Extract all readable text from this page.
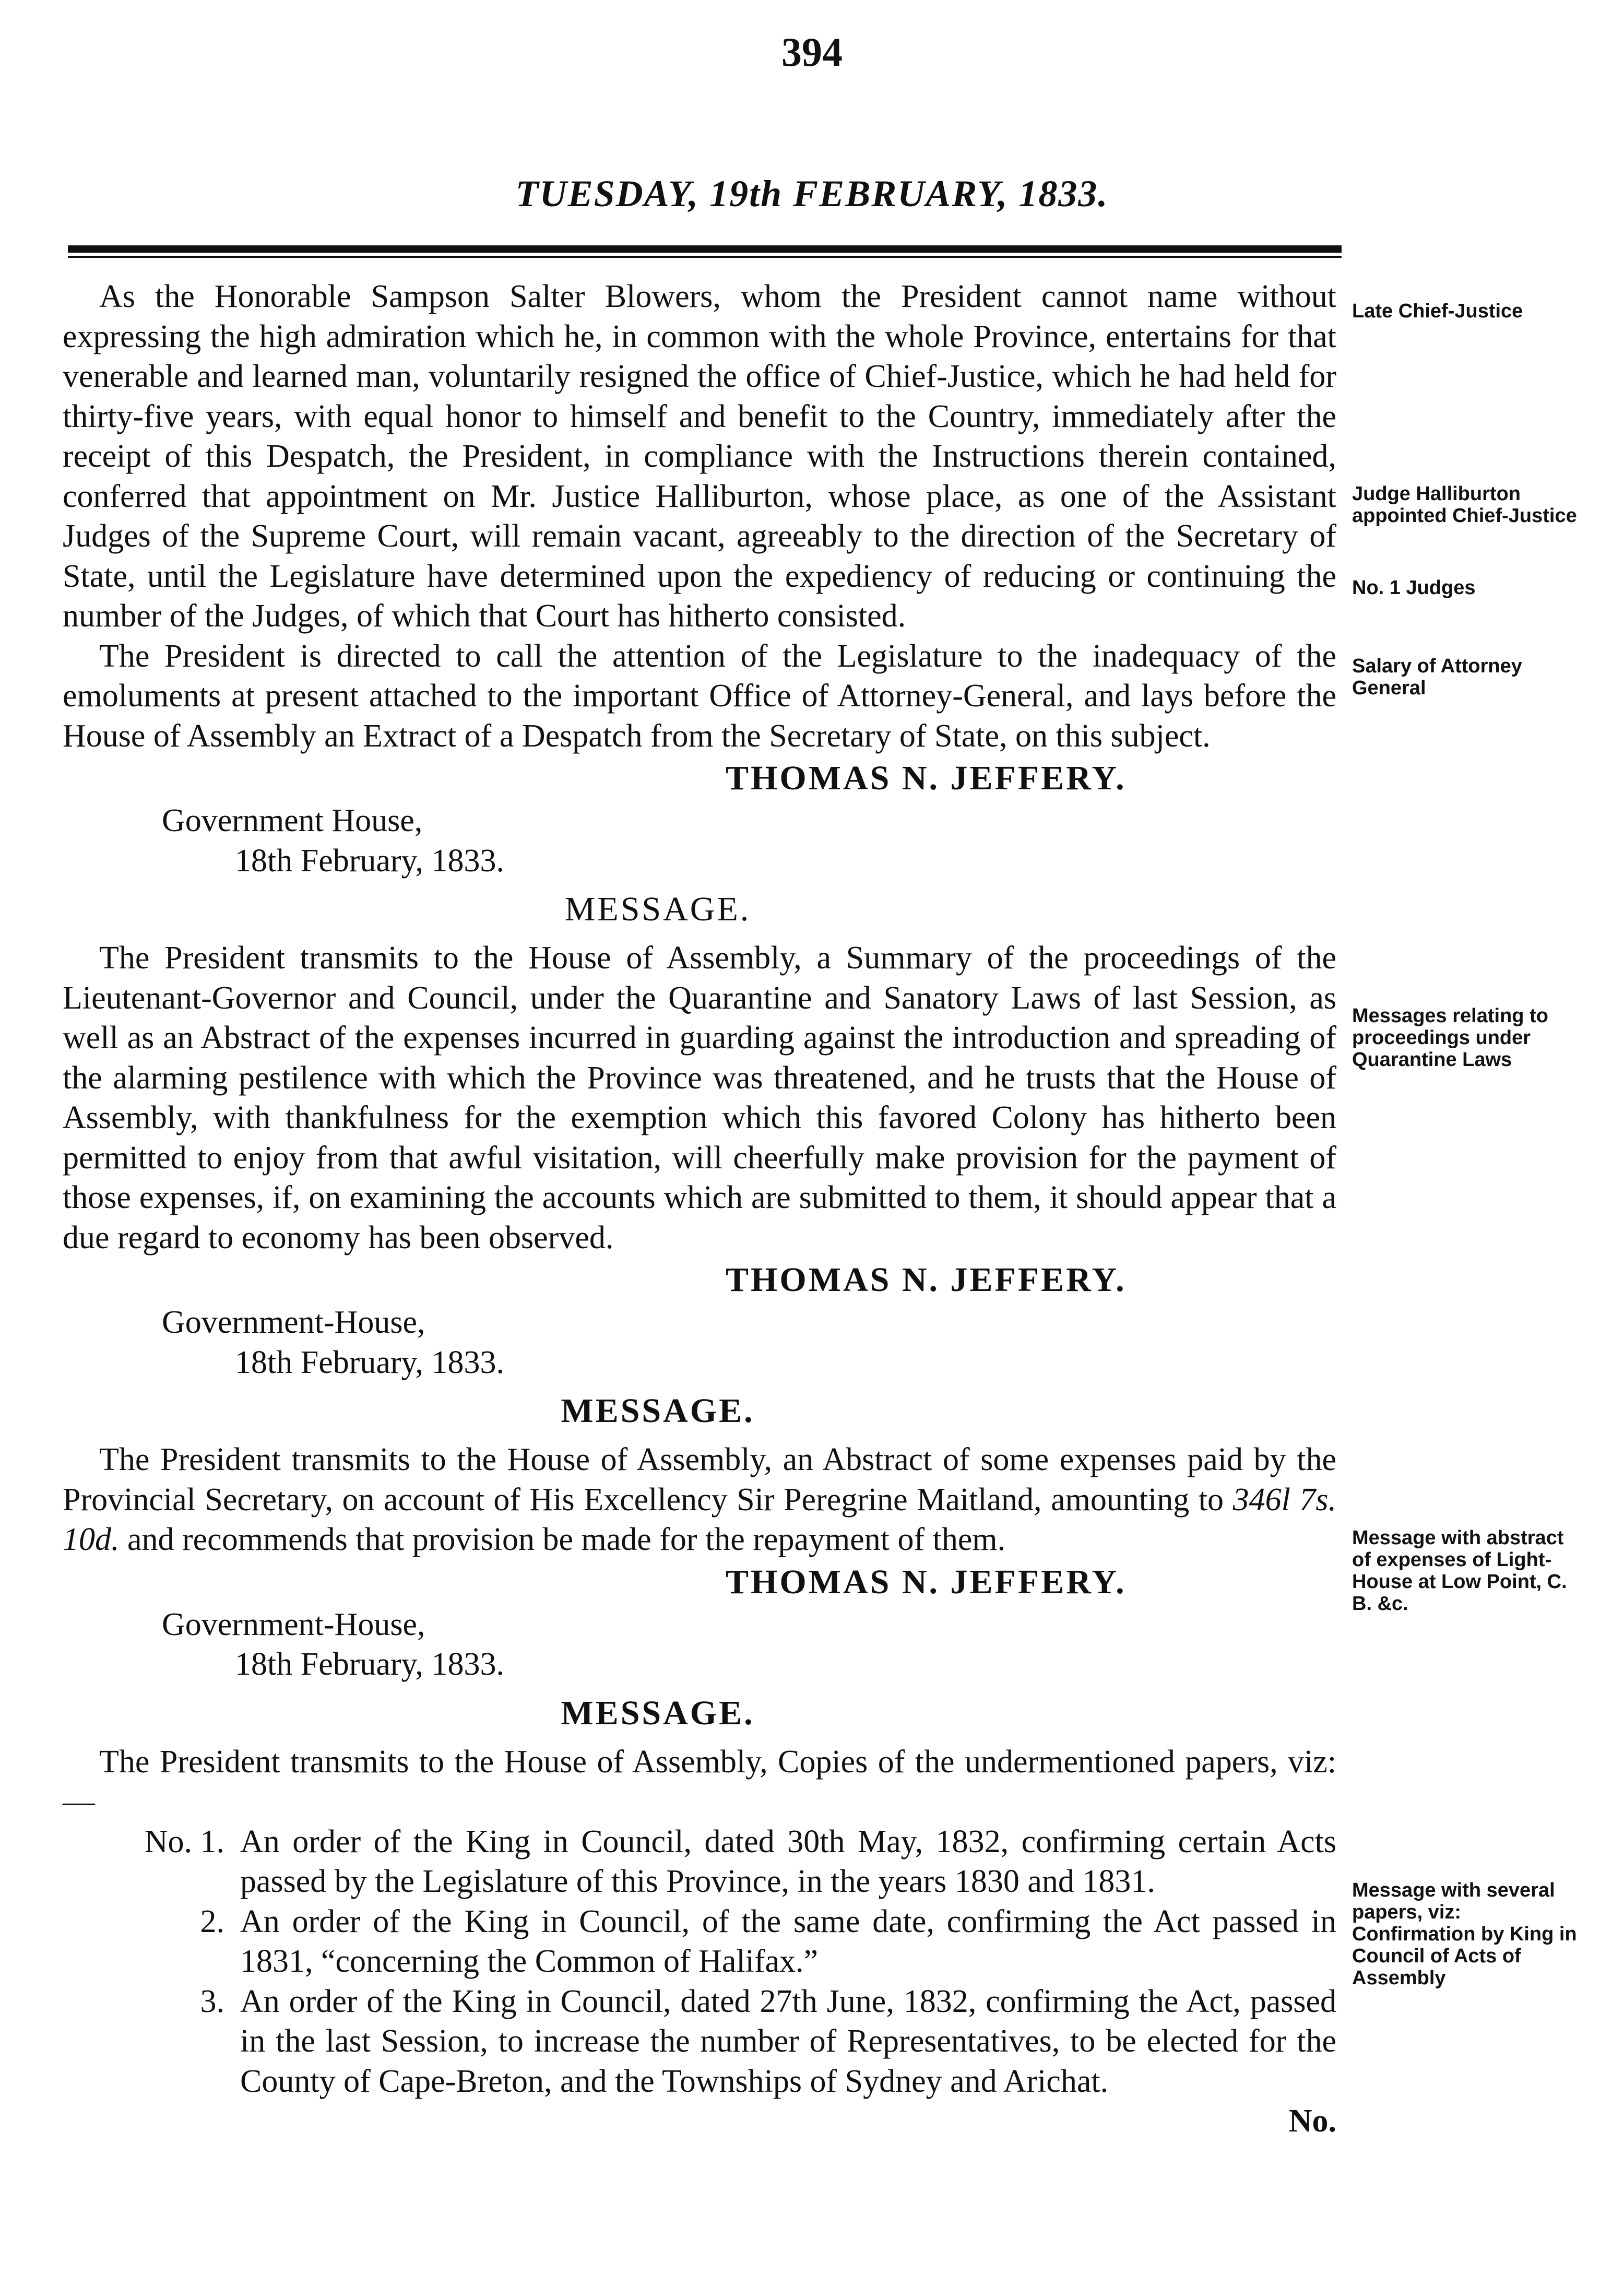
394
TUESDAY, 19th FEBRUARY, 1833.

As the Honorable Sampson Salter Blowers, whom the President cannot name without expressing the high admiration which he, in common with the whole Province, entertains for that venerable and learned man, voluntarily resigned the office of Chief-Justice, which he had held for thirty-five years, with equal honor to himself and benefit to the Country, immediately after the receipt of this Despatch, the President, in compliance with the Instructions therein contained, conferred that appointment on Mr. Justice Halliburton, whose place, as one of the Assistant Judges of the Supreme Court, will remain vacant, agreeably to the direction of the Secretary of State, until the Legislature have determined upon the expediency of reducing or continuing the number of the Judges, of which that Court has hitherto consisted.

The President is directed to call the attention of the Legislature to the inadequacy of the emoluments at present attached to the important Office of Attorney-General, and lays before the House of Assembly an Extract of a Despatch from the Secretary of State, on this subject.

THOMAS N. JEFFERY.
Government House,
18th February, 1833.
MESSAGE.

The President transmits to the House of Assembly, a Summary of the proceedings of the Lieutenant-Governor and Council, under the Quarantine and Sanatory Laws of last Session, as well as an Abstract of the expenses incurred in guarding against the introduction and spreading of the alarming pestilence with which the Province was threatened, and he trusts that the House of Assembly, with thankfulness for the exemption which this favored Colony has hitherto been permitted to enjoy from that awful visitation, will cheerfully make provision for the payment of those expenses, if, on examining the accounts which are submitted to them, it should appear that a due regard to economy has been observed.

THOMAS N. JEFFERY.
Government-House,
18th February, 1833.
MESSAGE.

The President transmits to the House of Assembly, an Abstract of some expenses paid by the Provincial Secretary, on account of His Excellency Sir Peregrine Maitland, amounting to 346l 7s. 10d. and recommends that provision be made for the repayment of them.

THOMAS N. JEFFERY.
Government-House,
18th February, 1833.
MESSAGE.

The President transmits to the House of Assembly, Copies of the undermentioned papers, viz:—

No. 1. An order of the King in Council, dated 30th May, 1832, confirming certain Acts passed by the Legislature of this Province, in the years 1830 and 1831.
2. An order of the King in Council, of the same date, confirming the Act passed in 1831, “concerning the Common of Halifax.”
3. An order of the King in Council, dated 27th June, 1832, confirming the Act, passed in the last Session, to increase the number of Representatives, to be elected for the County of Cape-Breton, and the Townships of Sydney and Arichat.
No.
Late Chief-Justice
Judge Halliburton appointed Chief-Justice
No. 1 Judges
Salary of Attorney General
Messages relating to proceedings under Quarantine Laws
Message with abstract of expenses of Light-House at Low Point, C. B. &c.
Message with several papers, viz: Confirmation by King in Council of Acts of Assembly
